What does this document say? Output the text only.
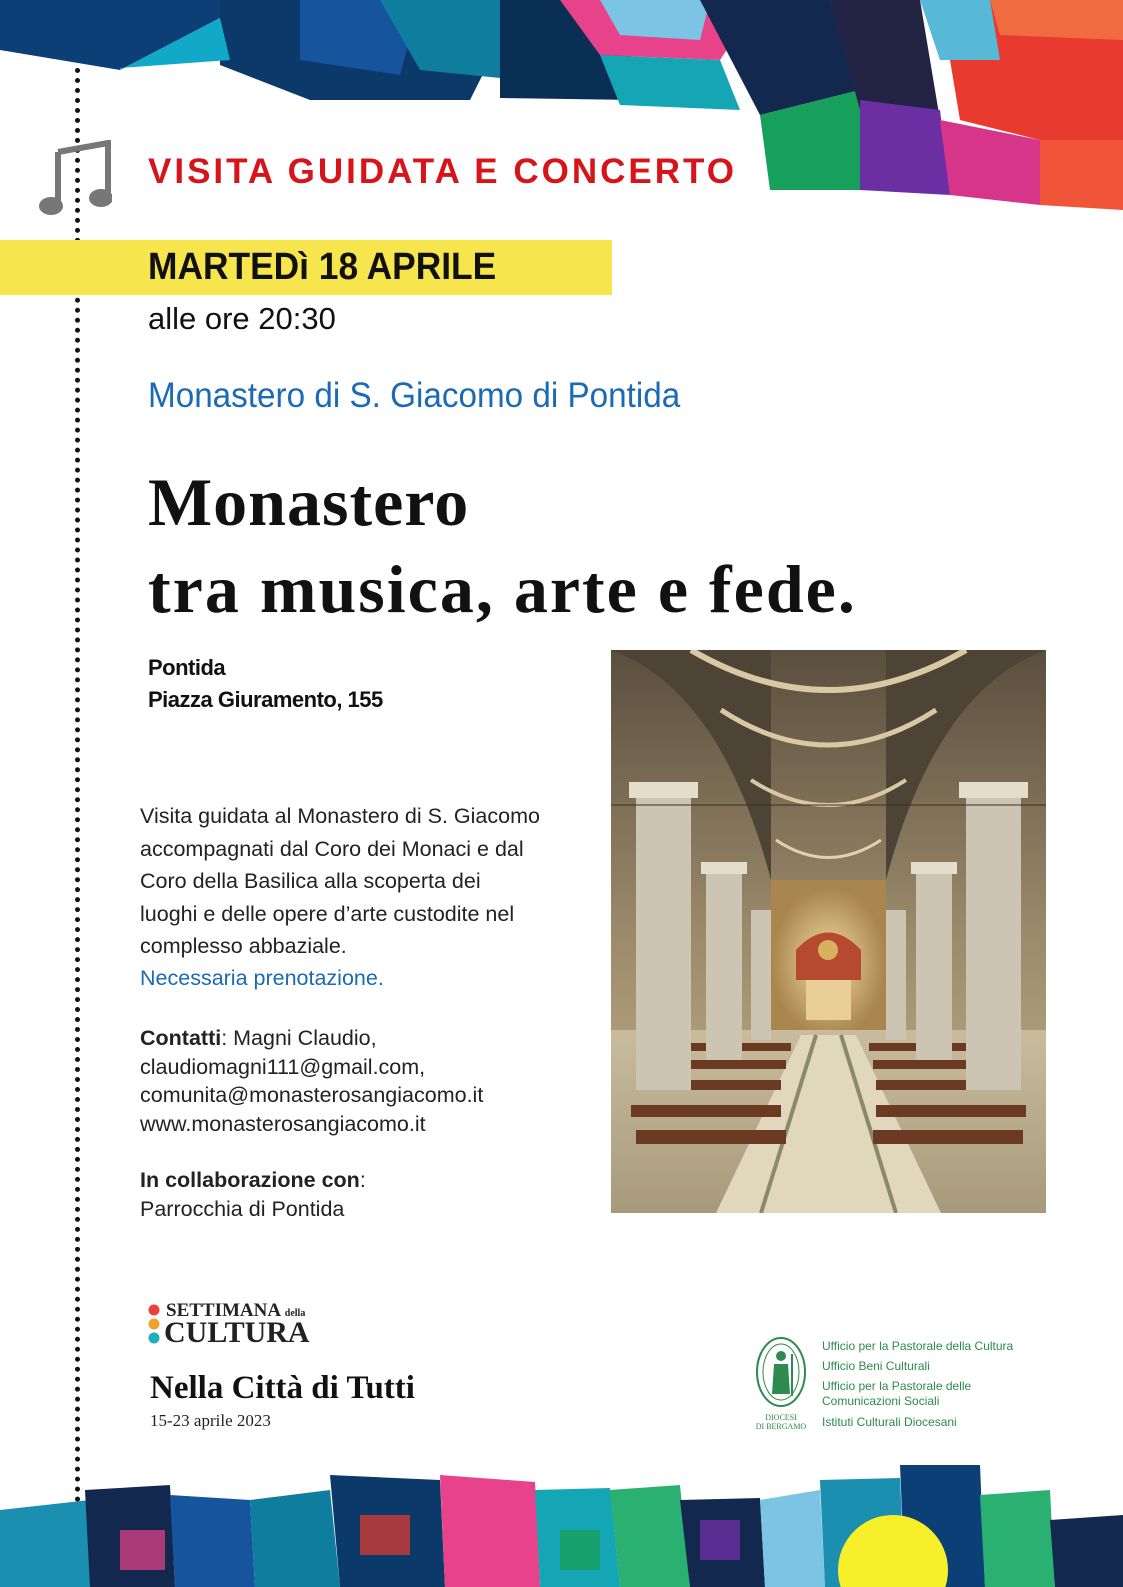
VISITA GUIDATA E CONCERTO
MARTEDì 18 APRILE
alle ore 20:30
Monastero di S. Giacomo di Pontida
Monastero
tra musica, arte e fede.
Pontida
Piazza Giuramento, 155
Visita guidata al Monastero di S. Giacomo
accompagnati dal Coro dei Monaci e dal
Coro della Basilica alla scoperta dei
luoghi e delle opere d’arte custodite nel
complesso abbaziale.
Necessaria prenotazione.
Contatti: Magni Claudio,
claudiomagni111@gmail.com,
comunita@monasterosangiacomo.it
www.monasterosangiacomo.it
In collaborazione con:
Parrocchia di Pontida
SETTIMANA della
CULTURA
Nella Città di Tutti
15-23 aprile 2023	DIOCESI
DI BERGAMO
Ufficio per la Pastorale della Cultura
Ufficio Beni Culturali
Ufficio per la Pastorale delle
Comunicazioni Sociali
Istituti Culturali Diocesani
